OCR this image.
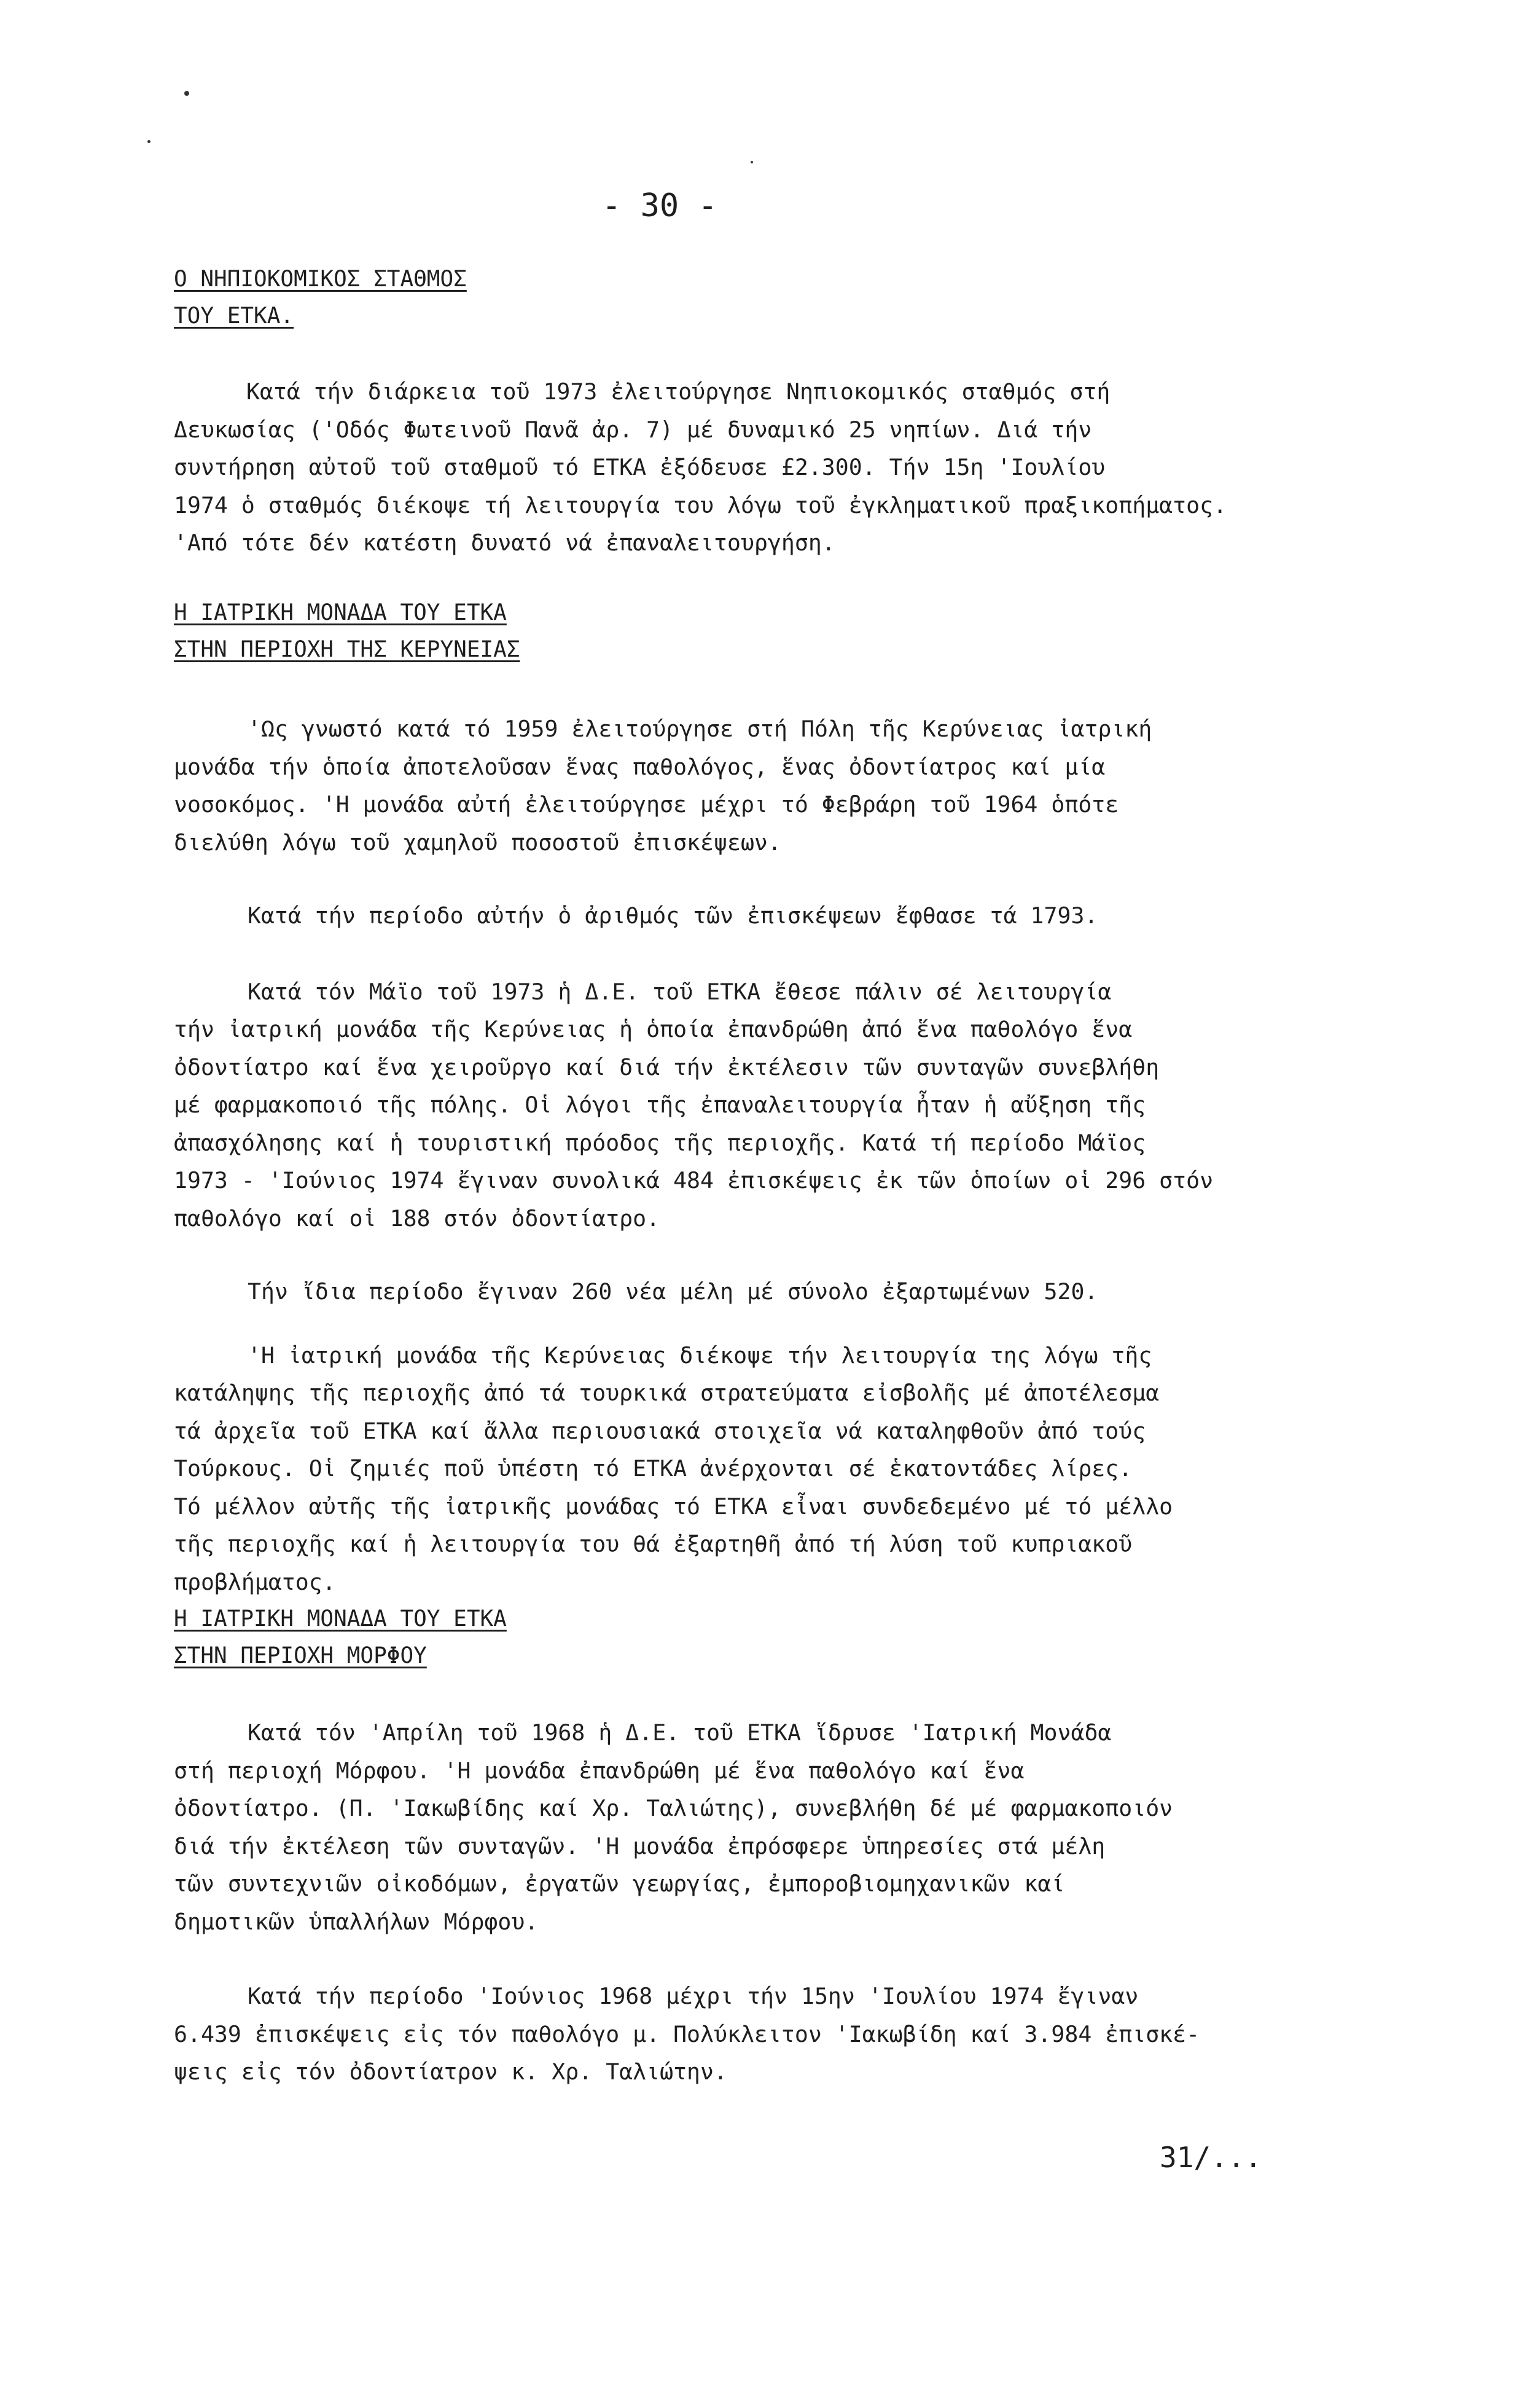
- 30 -
Ο ΝΗΠΙΟΚΟΜΙΚΟΣ ΣΤΑΘΜΟΣ
ΤΟΥ ΕΤΚΑ.
Κατά τήν διάρκεια τοῦ 1973 ἐλειτούργησε Νηπιοκομικός σταθμός στή
Δευκωσίας ('Οδός Φωτεινοῦ Πανᾶ ἀρ. 7) μέ δυναμικό 25 νηπίων. Διά τήν
συντήρηση αὐτοῦ τοῦ σταθμοῦ τό ΕΤΚΑ ἐξόδευσε £2.300. Τήν 15η 'Ιουλίου
1974 ὁ σταθμός διέκοψε τή λειτουργία του λόγω τοῦ ἐγκληματικοῦ πραξικοπήματος.
'Από τότε δέν κατέστη δυνατό νά ἐπαναλειτουργήση.
Η ΙΑΤΡΙΚΗ ΜΟΝΑΔΑ ΤΟΥ ΕΤΚΑ
ΣΤΗΝ ΠΕΡΙΟΧΗ ΤΗΣ ΚΕΡΥΝΕΙΑΣ
'Ως γνωστό κατά τό 1959 ἐλειτούργησε στή Πόλη τῆς Κερύνειας ἰατρική
μονάδα τήν ὁποία ἀποτελοῦσαν ἕνας παθολόγος, ἕνας ὀδοντίατρος καί μία
νοσοκόμος. 'Η μονάδα αὐτή ἐλειτούργησε μέχρι τό Φεβράρη τοῦ 1964 ὁπότε
διελύθη λόγω τοῦ χαμηλοῦ ποσοστοῦ ἐπισκέψεων.
Κατά τήν περίοδο αὐτήν ὁ ἀριθμός τῶν ἐπισκέψεων ἔφθασε τά 1793.
Κατά τόν Μάϊο τοῦ 1973 ἡ Δ.Ε. τοῦ ΕΤΚΑ ἔθεσε πάλιν σέ λειτουργία
τήν ἰατρική μονάδα τῆς Κερύνειας ἡ ὁποία ἐπανδρώθη ἀπό ἕνα παθολόγο ἕνα
ὀδοντίατρο καί ἕνα χειροῦργο καί διά τήν ἐκτέλεσιν τῶν συνταγῶν συνεβλήθη
μέ φαρμακοποιό τῆς πόλης. Οἱ λόγοι τῆς ἐπαναλειτουργία ἦταν ἡ αὔξηση τῆς
ἀπασχόλησης καί ἡ τουριστική πρόοδος τῆς περιοχῆς. Κατά τή περίοδο Μάϊος
1973 - 'Ιούνιος 1974 ἔγιναν συνολικά 484 ἐπισκέψεις ἐκ τῶν ὁποίων οἱ 296 στόν
παθολόγο καί οἱ 188 στόν ὀδοντίατρο.
Τήν ἴδια περίοδο ἔγιναν 260 νέα μέλη μέ σύνολο ἐξαρτωμένων 520.
'Η ἰατρική μονάδα τῆς Κερύνειας διέκοψε τήν λειτουργία της λόγω τῆς
κατάληψης τῆς περιοχῆς ἀπό τά τουρκικά στρατεύματα εἰσβολῆς μέ ἀποτέλεσμα
τά ἀρχεῖα τοῦ ΕΤΚΑ καί ἄλλα περιουσιακά στοιχεῖα νά καταληφθοῦν ἀπό τούς
Τούρκους. Οἱ ζημιές ποῦ ὑπέστη τό ΕΤΚΑ ἀνέρχονται σέ ἑκατοντάδες λίρες.
Τό μέλλον αὐτῆς τῆς ἰατρικῆς μονάδας τό ΕΤΚΑ εἶναι συνδεδεμένο μέ τό μέλλο
τῆς περιοχῆς καί ἡ λειτουργία του θά ἐξαρτηθῆ ἀπό τή λύση τοῦ κυπριακοῦ
προβλήματος.
Η ΙΑΤΡΙΚΗ ΜΟΝΑΔΑ ΤΟΥ ΕΤΚΑ
ΣΤΗΝ ΠΕΡΙΟΧΗ ΜΟΡΦΟΥ
Κατά τόν 'Απρίλη τοῦ 1968 ἡ Δ.Ε. τοῦ ΕΤΚΑ ἵδρυσε 'Ιατρική Μονάδα
στή περιοχή Μόρφου. 'Η μονάδα ἐπανδρώθη μέ ἕνα παθολόγο καί ἕνα
ὀδοντίατρο. (Π. 'Ιακωβίδης καί Χρ. Ταλιώτης), συνεβλήθη δέ μέ φαρμακοποιόν
διά τήν ἐκτέλεση τῶν συνταγῶν. 'Η μονάδα ἐπρόσφερε ὑπηρεσίες στά μέλη
τῶν συντεχνιῶν οἰκοδόμων, ἐργατῶν γεωργίας, ἐμποροβιομηχανικῶν καί
δημοτικῶν ὑπαλλήλων Μόρφου.
Κατά τήν περίοδο 'Ιούνιος 1968 μέχρι τήν 15ην 'Ιουλίου 1974 ἔγιναν
6.439 ἐπισκέψεις εἰς τόν παθολόγο μ. Πολύκλειτον 'Ιακωβίδη καί 3.984 ἐπισκέ-
ψεις εἰς τόν ὀδοντίατρον κ. Χρ. Ταλιώτην.
31/...
